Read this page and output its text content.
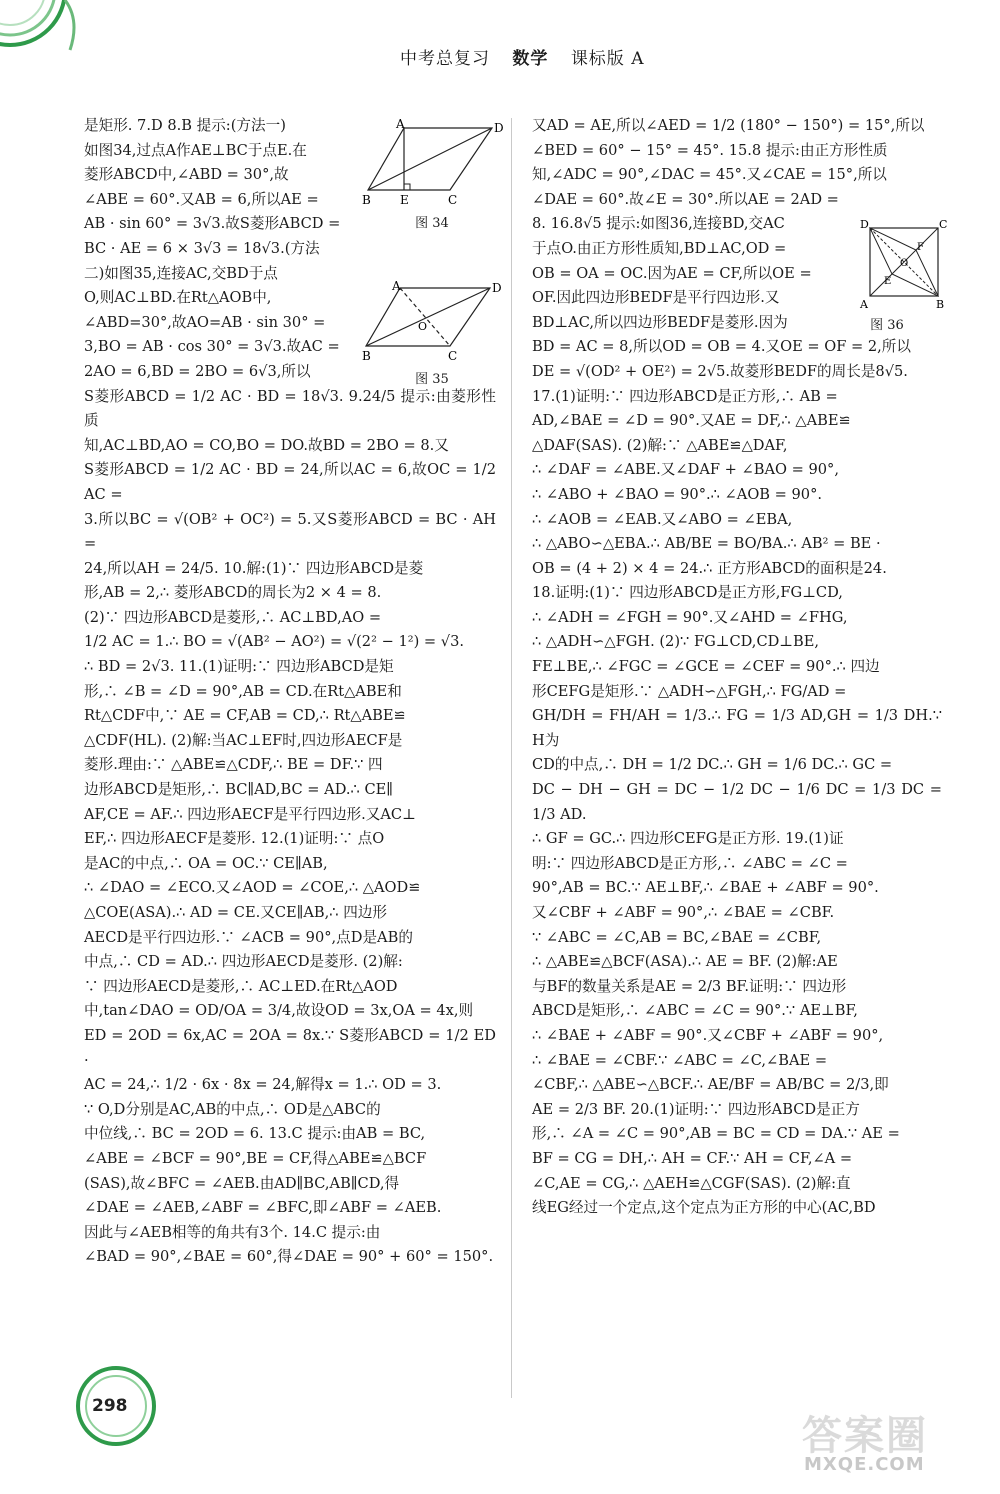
中考总复习 数学 课标版 A
是矩形. 7.D 8.B 提示:(方法一)
如图34,过点A作AE⊥BC于点E.在
菱形ABCD中,∠ABD = 30°,故
∠ABE = 60°.又AB = 6,所以AE =
AB · sin 60° = 3√3.故S菱形ABCD =
BC · AE = 6 × 3√3 = 18√3.(方法
二)如图35,连接AC,交BD于点
O,则AC⊥BD.在Rt△AOB中,
∠ABD=30°,故AO=AB · sin 30° =
3,BO = AB · cos 30° = 3√3.故AC =
2AO = 6,BD = 2BO = 6√3,所以
S菱形ABCD = 1/2 AC · BD = 18√3. 9.24/5 提示:由菱形性质
知,AC⊥BD,AO = CO,BO = DO.故BD = 2BO = 8.又
S菱形ABCD = 1/2 AC · BD = 24,所以AC = 6,故OC = 1/2 AC =
3.所以BC = √(OB² + OC²) = 5.又S菱形ABCD = BC · AH =
24,所以AH = 24/5. 10.解:(1)∵ 四边形ABCD是菱
形,AB = 2,∴ 菱形ABCD的周长为2 × 4 = 8.
(2)∵ 四边形ABCD是菱形,∴ AC⊥BD,AO =
1/2 AC = 1.∴ BO = √(AB² − AO²) = √(2² − 1²) = √3.
∴ BD = 2√3. 11.(1)证明:∵ 四边形ABCD是矩
形,∴ ∠B = ∠D = 90°,AB = CD.在Rt△ABE和
Rt△CDF中,∵ AE = CF,AB = CD,∴ Rt△ABE≌
△CDF(HL). (2)解:当AC⊥EF时,四边形AECF是
菱形.理由:∵ △ABE≌△CDF,∴ BE = DF.∵ 四
边形ABCD是矩形,∴ BC∥AD,BC = AD.∴ CE∥
AF,CE = AF.∴ 四边形AECF是平行四边形.又AC⊥
EF,∴ 四边形AECF是菱形. 12.(1)证明:∵ 点O
是AC的中点,∴ OA = OC.∵ CE∥AB,
∴ ∠DAO = ∠ECO.又∠AOD = ∠COE,∴ △AOD≌
△COE(ASA).∴ AD = CE.又CE∥AB,∴ 四边形
AECD是平行四边形.∵ ∠ACB = 90°,点D是AB的
中点,∴ CD = AD.∴ 四边形AECD是菱形. (2)解:
∵ 四边形AECD是菱形,∴ AC⊥ED.在Rt△AOD
中,tan∠DAO = OD/OA = 3/4,故设OD = 3x,OA = 4x,则
ED = 2OD = 6x,AC = 2OA = 8x.∵ S菱形ABCD = 1/2 ED ·
AC = 24,∴ 1/2 · 6x · 8x = 24,解得x = 1.∴ OD = 3.
∵ O,D分别是AC,AB的中点,∴ OD是△ABC的
中位线,∴ BC = 2OD = 6. 13.C 提示:由AB = BC,
∠ABE = ∠BCF = 90°,BE = CF,得△ABE≌△BCF
(SAS),故∠BFC = ∠AEB.由AD∥BC,AB∥CD,得
∠DAE = ∠AEB,∠ABF = ∠BFC,即∠ABF = ∠AEB.
因此与∠AEB相等的角共有3个. 14.C 提示:由
∠BAD = 90°,∠BAE = 60°,得∠DAE = 90° + 60° = 150°.
又AD = AE,所以∠AED = 1/2 (180° − 150°) = 15°,所以
∠BED = 60° − 15° = 45°. 15.8 提示:由正方形性质
知,∠ADC = 90°,∠DAC = 45°.又∠CAE = 15°,所以
∠DAE = 60°.故∠E = 30°.所以AE = 2AD =
8. 16.8√5 提示:如图36,连接BD,交AC
于点O.由正方形性质知,BD⊥AC,OD =
OB = OA = OC.因为AE = CF,所以OE =
OF.因此四边形BEDF是平行四边形.又
BD⊥AC,所以四边形BEDF是菱形.因为
BD = AC = 8,所以OD = OB = 4.又OE = OF = 2,所以
DE = √(OD² + OE²) = 2√5.故菱形BEDF的周长是8√5.
17.(1)证明:∵ 四边形ABCD是正方形,∴ AB =
AD,∠BAE = ∠D = 90°.又AE = DF,∴ △ABE≌
△DAF(SAS). (2)解:∵ △ABE≌△DAF,
∴ ∠DAF = ∠ABE.又∠DAF + ∠BAO = 90°,
∴ ∠ABO + ∠BAO = 90°.∴ ∠AOB = 90°.
∴ ∠AOB = ∠EAB.又∠ABO = ∠EBA,
∴ △ABO∽△EBA.∴ AB/BE = BO/BA.∴ AB² = BE ·
OB = (4 + 2) × 4 = 24.∴ 正方形ABCD的面积是24.
18.证明:(1)∵ 四边形ABCD是正方形,FG⊥CD,
∴ ∠ADH = ∠FGH = 90°.又∠AHD = ∠FHG,
∴ △ADH∽△FGH. (2)∵ FG⊥CD,CD⊥BE,
FE⊥BE,∴ ∠FGC = ∠GCE = ∠CEF = 90°.∴ 四边
形CEFG是矩形.∵ △ADH∽△FGH,∴ FG/AD =
GH/DH = FH/AH = 1/3.∴ FG = 1/3 AD,GH = 1/3 DH.∵ H为
CD的中点,∴ DH = 1/2 DC.∴ GH = 1/6 DC.∴ GC =
DC − DH − GH = DC − 1/2 DC − 1/6 DC = 1/3 DC = 1/3 AD.
∴ GF = GC.∴ 四边形CEFG是正方形. 19.(1)证
明:∵ 四边形ABCD是正方形,∴ ∠ABC = ∠C =
90°,AB = BC.∵ AE⊥BF,∴ ∠BAE + ∠ABF = 90°.
又∠CBF + ∠ABF = 90°,∴ ∠BAE = ∠CBF.
∵ ∠ABC = ∠C,AB = BC,∠BAE = ∠CBF,
∴ △ABE≌△BCF(ASA).∴ AE = BF. (2)解:AE
与BF的数量关系是AE = 2/3 BF.证明:∵ 四边形
ABCD是矩形,∴ ∠ABC = ∠C = 90°.∵ AE⊥BF,
∴ ∠BAE + ∠ABF = 90°.又∠CBF + ∠ABF = 90°,
∴ ∠BAE = ∠CBF.∵ ∠ABC = ∠C,∠BAE =
∠CBF,∴ △ABE∽△BCF.∴ AE/BF = AB/BC = 2/3,即
AE = 2/3 BF. 20.(1)证明:∵ 四边形ABCD是正方
形,∴ ∠A = ∠C = 90°,AB = BC = CD = DA.∵ AE =
BF = CG = DH,∴ AH = CF.∵ AH = CF,∠A =
∠C,AE = CG,∴ △AEH≌△CGF(SAS). (2)解:直
线EG经过一个定点,这个定点为正方形的中心(AC,BD
A	D
B E	C
图 34
A	D
O
B	C
图 35
D	C
F
O
E
A	B
图 36
298
答案圈
MXQE.COM
